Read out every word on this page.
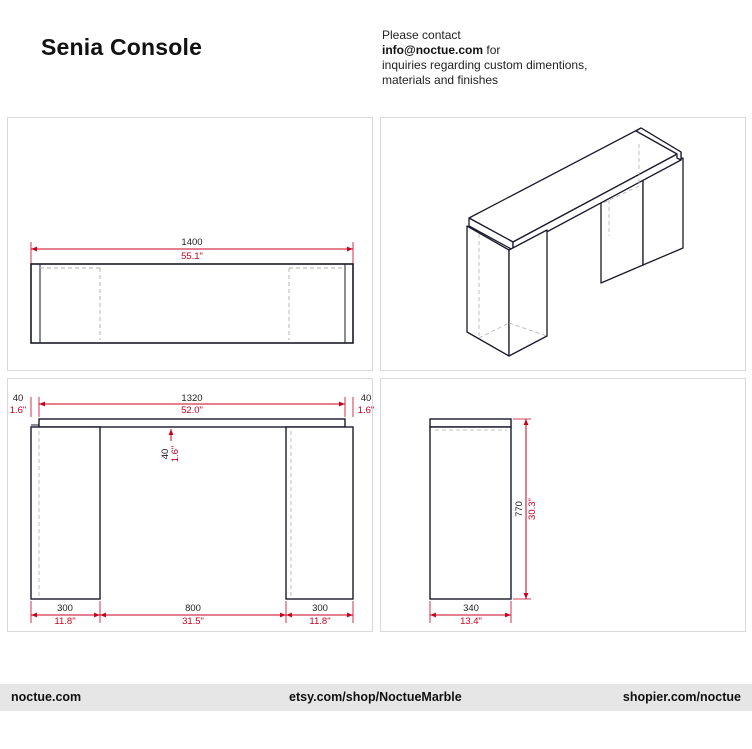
Senia Console	Please contact
info@noctue.com for
inquiries regarding custom dimentions,
materials and finishes
1400
55.1"
40
1.6"
1320
52.0"
40
1.6"
40 1.6"
300
11.8"
800
31.5"
300
11.8"
770 30.3"
340
13.4"
noctue.com	etsy.com/shop/NoctueMarble	shopier.com/noctue
